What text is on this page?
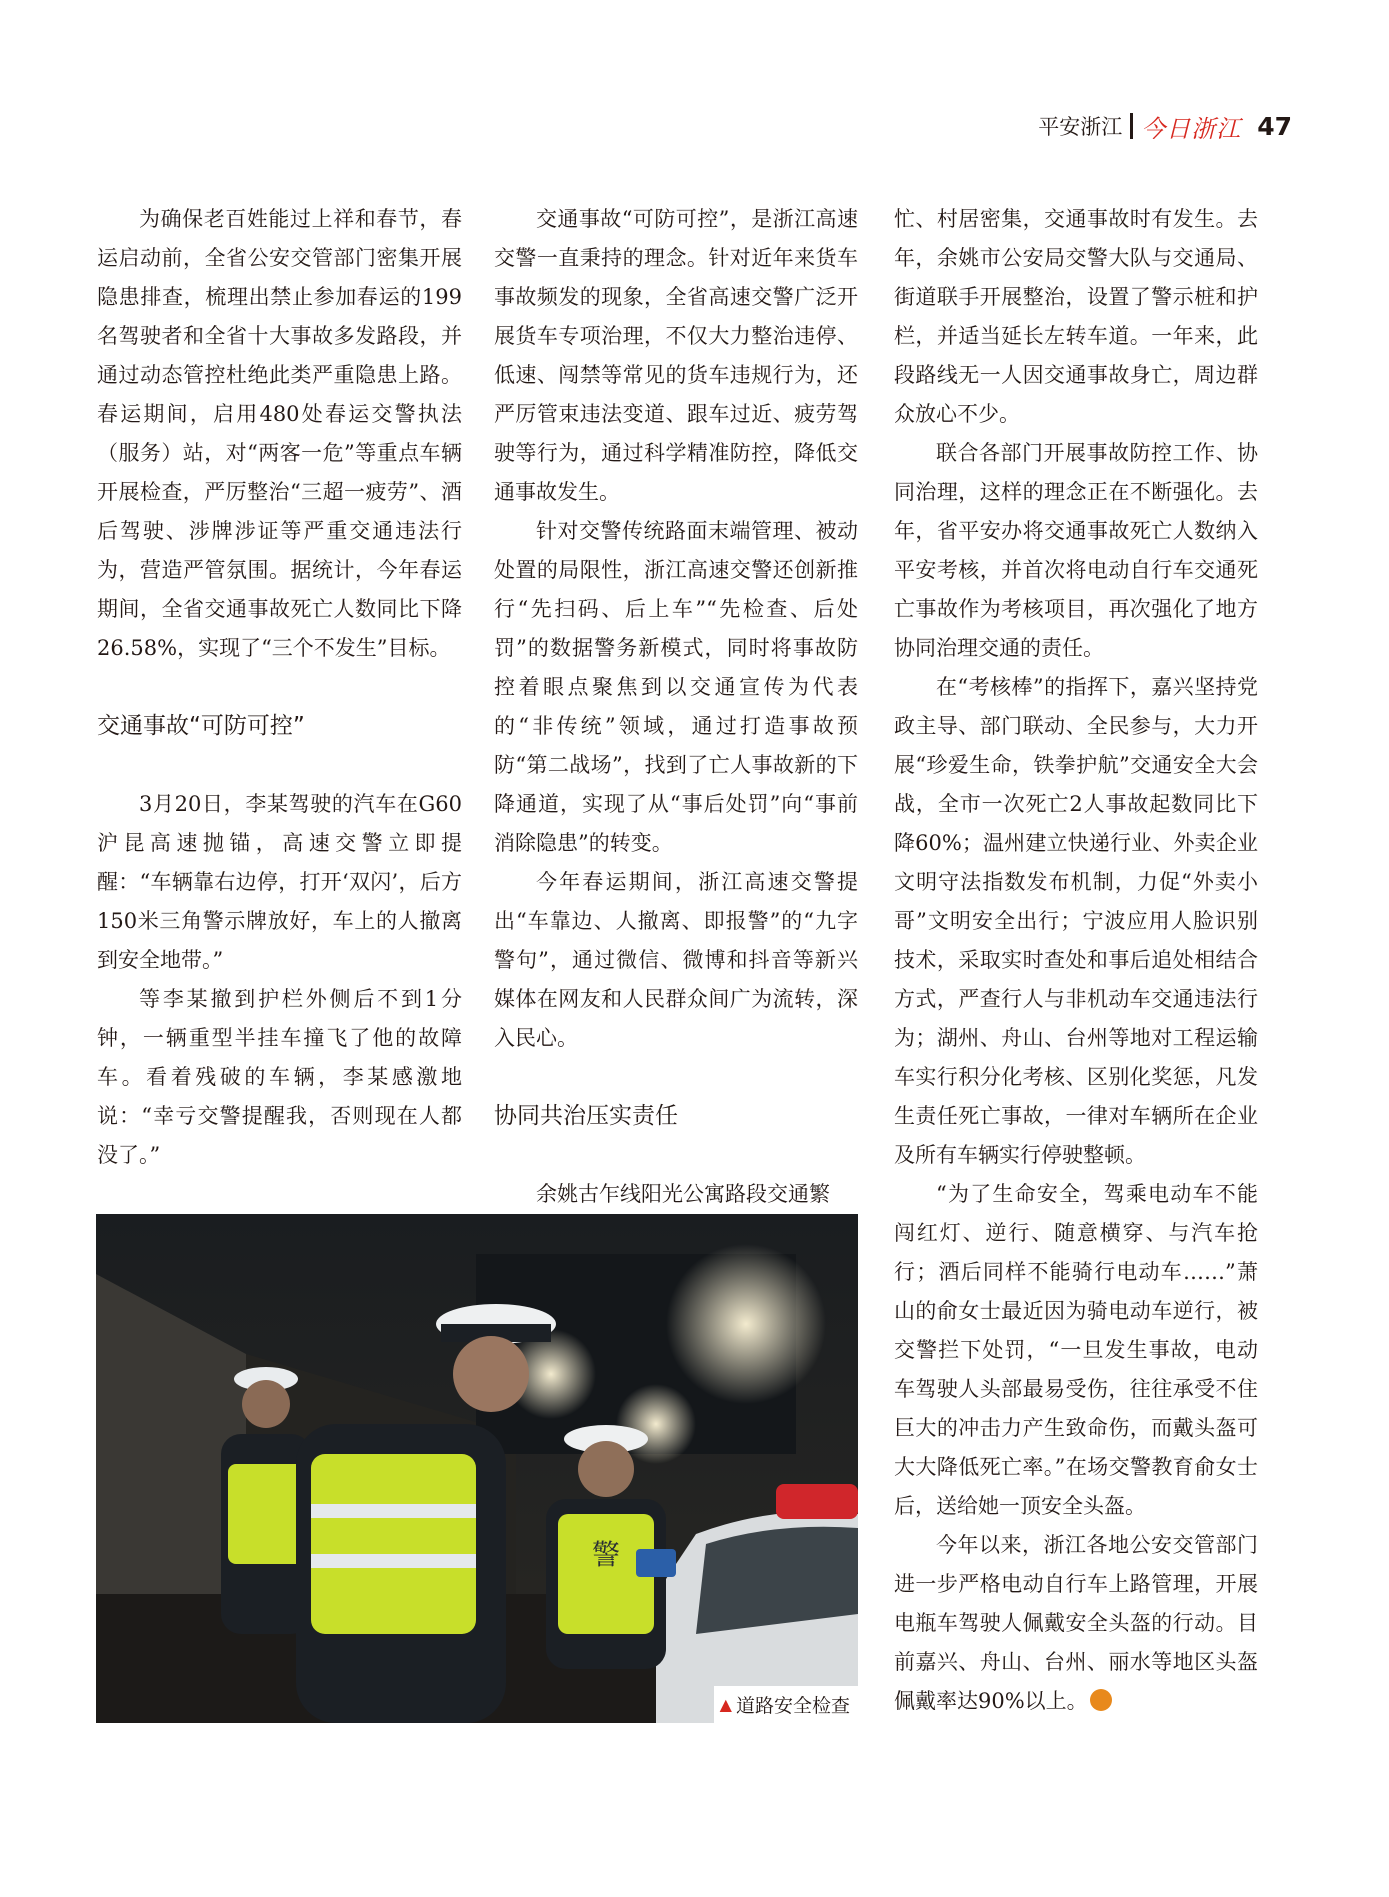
平安浙江 今日浙江 47

为确保老百姓能过上祥和春节，春运启动前，全省公安交管部门密集开展隐患排查，梳理出禁止参加春运的199名驾驶者和全省十大事故多发路段，并通过动态管控杜绝此类严重隐患上路。春运期间，启用480处春运交警执法（服务）站，对“两客一危”等重点车辆开展检查，严厉整治“三超一疲劳”、酒后驾驶、涉牌涉证等严重交通违法行为，营造严管氛围。据统计，今年春运期间，全省交通事故死亡人数同比下降26.58%，实现了“三个不发生”目标。

交通事故“可防可控”

3月20日，李某驾驶的汽车在G60沪昆高速抛锚，高速交警立即提醒：“车辆靠右边停，打开‘双闪’，后方150米三角警示牌放好，车上的人撤离到安全地带。”

等李某撤到护栏外侧后不到1分钟，一辆重型半挂车撞飞了他的故障车。看着残破的车辆，李某感激地说：“幸亏交警提醒我，否则现在人都没了。”

交通事故“可防可控”，是浙江高速交警一直秉持的理念。针对近年来货车事故频发的现象，全省高速交警广泛开展货车专项治理，不仅大力整治违停、低速、闯禁等常见的货车违规行为，还严厉管束违法变道、跟车过近、疲劳驾驶等行为，通过科学精准防控，降低交通事故发生。

针对交警传统路面末端管理、被动处置的局限性，浙江高速交警还创新推行“先扫码、后上车”“先检查、后处罚”的数据警务新模式，同时将事故防控着眼点聚焦到以交通宣传为代表的“非传统”领域，通过打造事故预防“第二战场”，找到了亡人事故新的下降通道，实现了从“事后处罚”向“事前消除隐患”的转变。

今年春运期间，浙江高速交警提出“车靠边、人撤离、即报警”的“九字警句”，通过微信、微博和抖音等新兴媒体在网友和人民群众间广为流转，深入民心。

协同共治压实责任

余姚古乍线阳光公寓路段交通繁

忙、村居密集，交通事故时有发生。去年，余姚市公安局交警大队与交通局、街道联手开展整治，设置了警示桩和护栏，并适当延长左转车道。一年来，此段路线无一人因交通事故身亡，周边群众放心不少。

联合各部门开展事故防控工作、协同治理，这样的理念正在不断强化。去年，省平安办将交通事故死亡人数纳入平安考核，并首次将电动自行车交通死亡事故作为考核项目，再次强化了地方协同治理交通的责任。

在“考核棒”的指挥下，嘉兴坚持党政主导、部门联动、全民参与，大力开展“珍爱生命，铁拳护航”交通安全大会战，全市一次死亡2人事故起数同比下降60%；温州建立快递行业、外卖企业文明守法指数发布机制，力促“外卖小哥”文明安全出行；宁波应用人脸识别技术，采取实时查处和事后追处相结合方式，严查行人与非机动车交通违法行为；湖州、舟山、台州等地对工程运输车实行积分化考核、区别化奖惩，凡发生责任死亡事故，一律对车辆所在企业及所有车辆实行停驶整顿。

“为了生命安全，驾乘电动车不能闯红灯、逆行、随意横穿、与汽车抢行；酒后同样不能骑行电动车……”萧山的俞女士最近因为骑电动车逆行，被交警拦下处罚，“一旦发生事故，电动车驾驶人头部最易受伤，往往承受不住巨大的冲击力产生致命伤，而戴头盔可大大降低死亡率。”在场交警教育俞女士后，送给她一顶安全头盔。

今年以来，浙江各地公安交管部门进一步严格电动自行车上路管理，开展电瓶车驾驶人佩戴安全头盔的行动。目前嘉兴、舟山、台州、丽水等地区头盔佩戴率达90%以上。

警
▲ 道路安全检查
